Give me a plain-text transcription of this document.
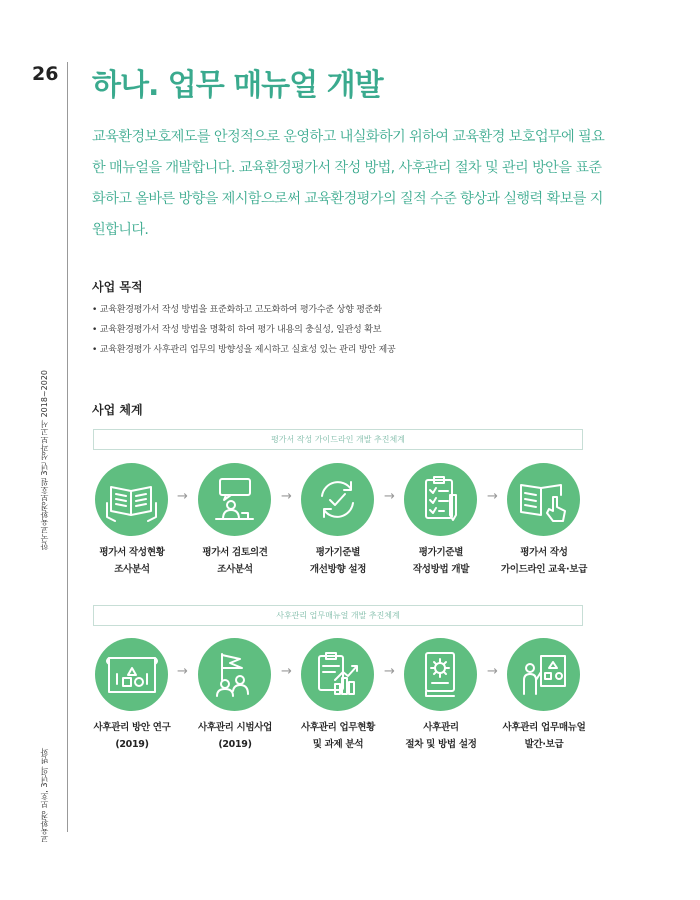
26
한국교육환경보호원 3년 성과보고서 2018~2020
교육환경 보호, 3년의 변화
하나. 업무 매뉴얼 개발

교육환경보호제도를 안정적으로 운영하고 내실화하기 위하여 교육환경 보호업무에 필요한 매뉴얼을 개발합니다. 교육환경평가서 작성 방법, 사후관리 절차 및 관리 방안을 표준화하고 올바른 방향을 제시함으로써 교육환경평가의 질적 수준 향상과 실행력 확보를 지원합니다.

사업 목적
• 교육환경평가서 작성 방법을 표준화하고 고도화하여 평가수준 상향 평준화
• 교육환경평가서 작성 방법을 명확히 하여 평가 내용의 충실성, 일관성 확보
• 교육환경평가 사후관리 업무의 방향성을 제시하고 실효성 있는 관리 방안 제공
사업 체계
평가서 작성 가이드라인 개발 추진체계
→	→	→	→
평가서 작성현황
조사분석
평가서 검토의견
조사분석
평가기준별
개선방향 설정
평가기준별
작성방법 개발
평가서 작성
가이드라인 교육·보급
사후관리 업무매뉴얼 개발 추진체계
→	→	→	→
사후관리 방안 연구
(2019)
사후관리 시범사업
(2019)
사후관리 업무현황
및 과제 분석
사후관리
절차 및 방법 설정
사후관리 업무매뉴얼
발간·보급
